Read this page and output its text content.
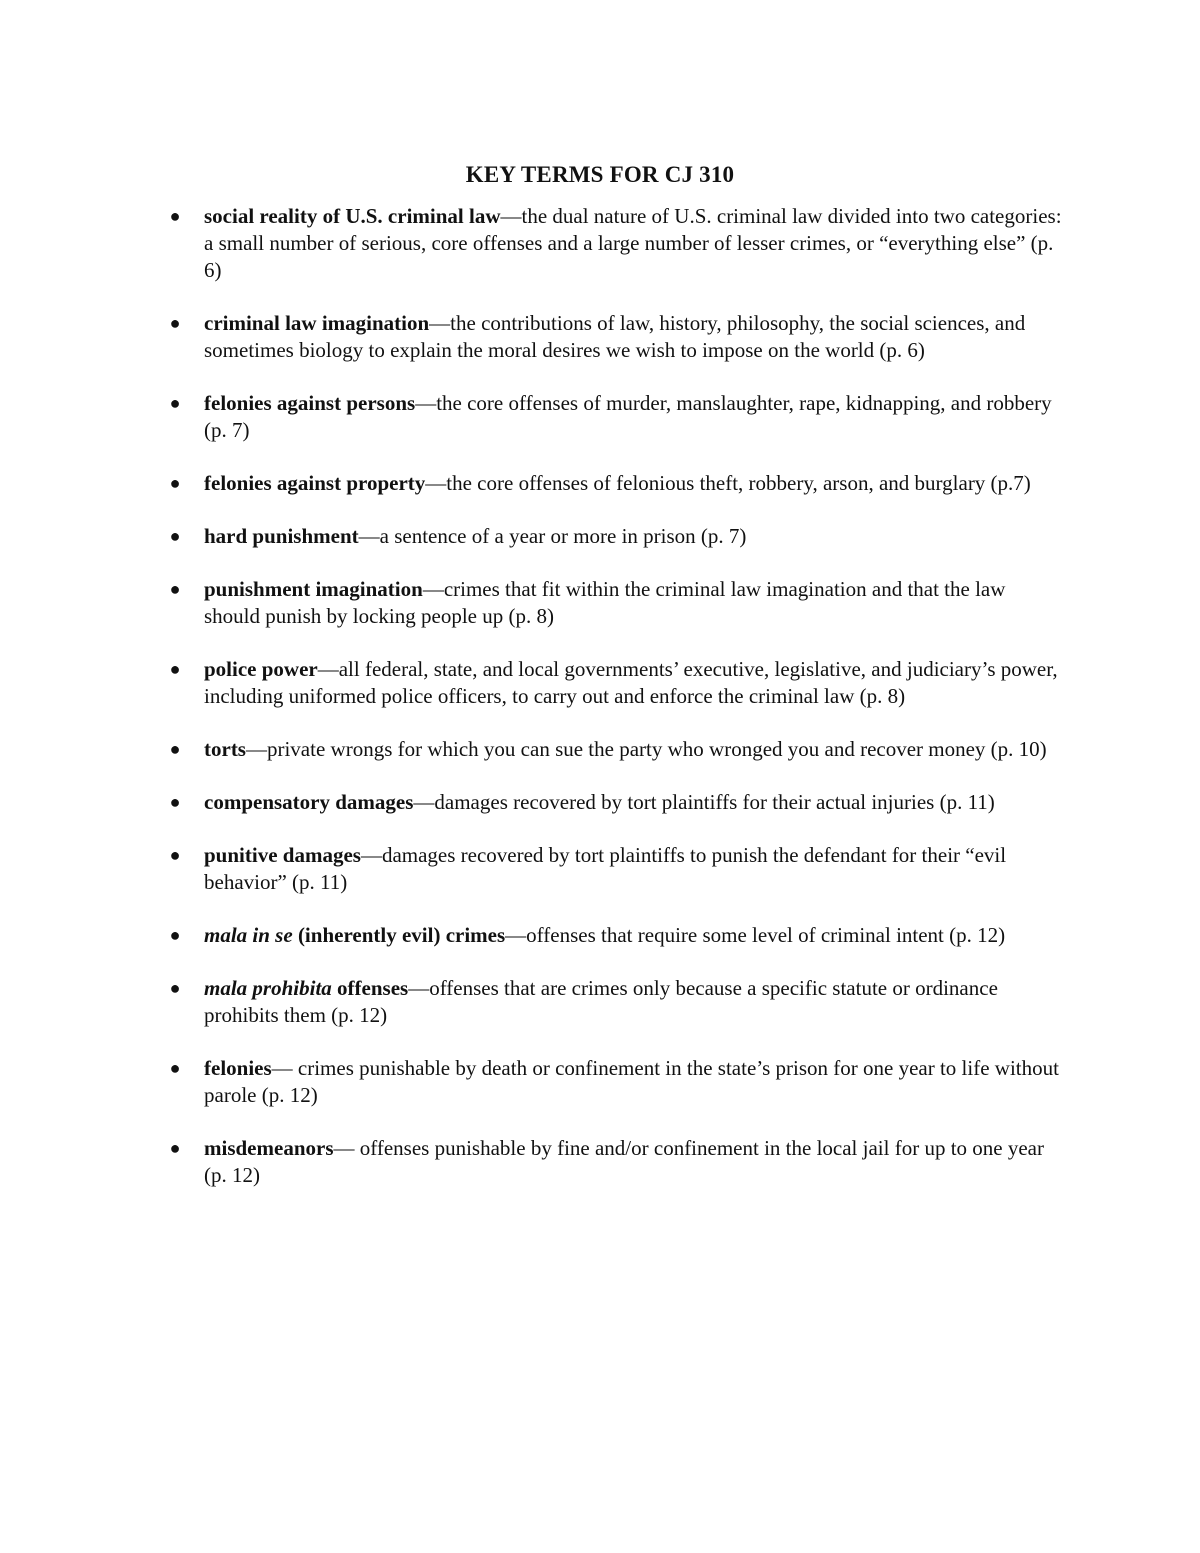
KEY TERMS FOR CJ 310
● social reality of U.S. criminal law—the dual nature of U.S. criminal law divided into two categories: a small number of serious, core offenses and a large number of lesser crimes, or “everything else” (p. 6)
● criminal law imagination—the contributions of law, history, philosophy, the social sciences, and sometimes biology to explain the moral desires we wish to impose on the world (p. 6)
● felonies against persons—the core offenses of murder, manslaughter, rape, kidnapping, and robbery (p. 7)
● felonies against property—the core offenses of felonious theft, robbery, arson, and burglary (p.7)
● hard punishment—a sentence of a year or more in prison (p. 7)
● punishment imagination—crimes that fit within the criminal law imagination and that the law should punish by locking people up (p. 8)
● police power—all federal, state, and local governments’ executive, legislative, and judiciary’s power, including uniformed police officers, to carry out and enforce the criminal law (p. 8)
● torts—private wrongs for which you can sue the party who wronged you and recover money (p. 10)
● compensatory damages—damages recovered by tort plaintiffs for their actual injuries (p. 11)
● punitive damages—damages recovered by tort plaintiffs to punish the defendant for their “evil behavior” (p. 11)
● mala in se (inherently evil) crimes—offenses that require some level of criminal intent (p. 12)
● mala prohibita offenses—offenses that are crimes only because a specific statute or ordinance prohibits them (p. 12)
● felonies— crimes punishable by death or confinement in the state’s prison for one year to life without parole (p. 12)
● misdemeanors— offenses punishable by fine and/or confinement in the local jail for up to one year (p. 12)
